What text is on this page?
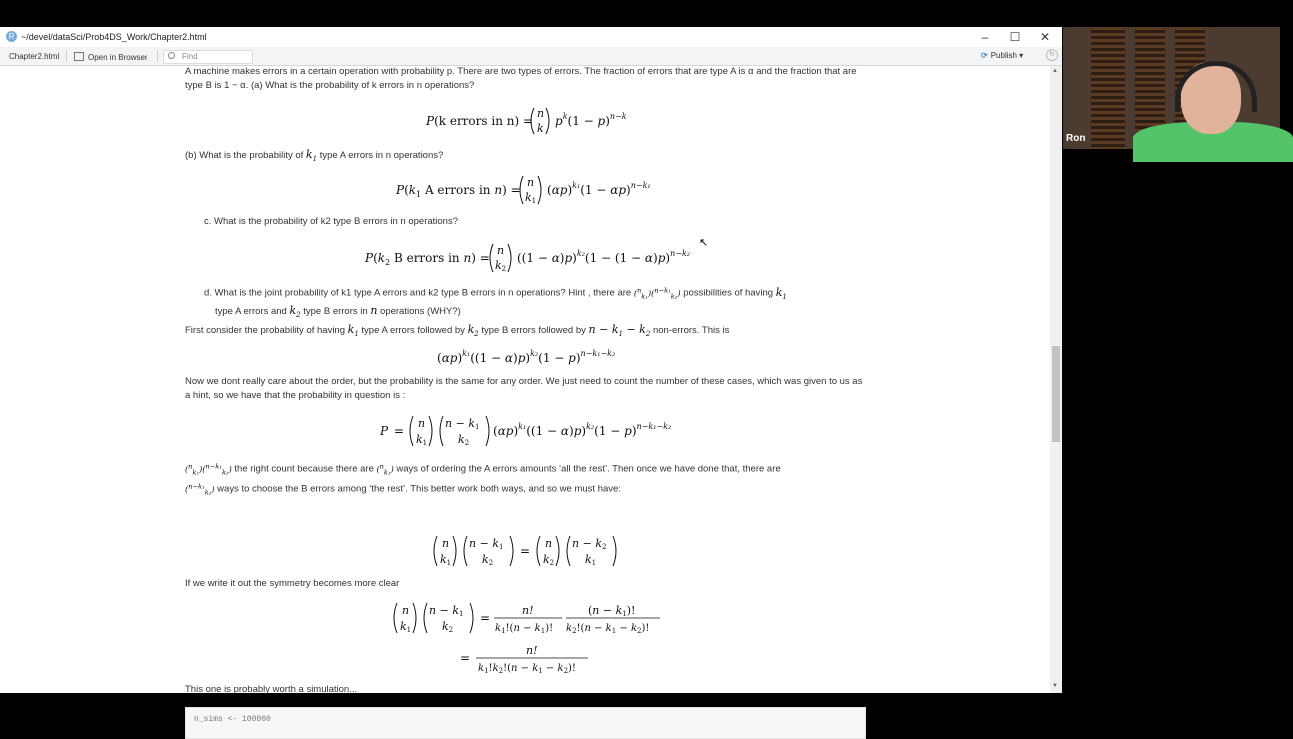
R ~/devel/dataSci/Prob4DS_Work/Chapter2.html	–	☐	✕
Chapter2.html	Open in Browser	Find	⟳ Publish ▾	↻
A machine makes errors in a certain operation with probability p. There are two types of errors. The fraction of errors that are type A is α and the fraction that are type B is 1 − α. (a) What is the probability of k errors in n operations?
P(k errors in n) =
n
k
$p^k(1 - p)^{n-k}$
(b) What is the probability of $k_1$ type A errors in n operations?
$P(k_1$ A errors in n) =
n
k1
$(\alpha p)^{k_1}(1 - \alpha p)^{n-k_1}$
c. What is the probability of k2 type B errors in n operations?
$P(k_2$ B errors in n) =
n
k2
$((1 - \alpha)p)^{k_2}(1 - (1 - \alpha)p)^{n-k_2}$
d. What is the joint probability of k1 type A errors and k2 type B errors in n operations? Hint , there are ($^n_{k_1}$)($^{n-k_1}_{k_2}$) possibilities of having $k_1$
type A errors and $k_2$ type B errors in n operations (WHY?)
First consider the probability of having $k_1$ type A errors followed by $k_2$ type B errors followed by $n - k_1 - k_2$ non-errors. This is
$(\alpha p)^{k_1}((1 - \alpha)p)^{k_2}(1 - p)^{n-k_1-k_2}$
Now we dont really care about the order, but the probability is the same for any order. We just need to count the number of these cases, which was given to us as a hint, so we have that the probability in question is :
P =
n
k1
n − k1
k2
$(\alpha p)^{k_1}((1 - \alpha)p)^{k_2}(1 - p)^{n-k_1-k_2}$
($^n_{k_1}$)($^{n-k_1}_{k_2}$) the right count because there are ($^n_{k_1}$) ways of ordering the A errors amounts ‘all the rest’. Then once we have done that, there are
($^{n-k_1}_{k_2}$) ways to choose the B errors among ‘the rest’. This better work both ways, and so we must have:
n
k1
n − k1
k2
=
n
k2
n − k2
k1
If we write it out the symmetry becomes more clear
n
k1
n − k1
k2
=
n!
$k_1!(n - k_1)$!
(n − k1)!
$k_2!(n - k_1 - k_2)$!
=
n!
$k_1!k_2!(n - k_1 - k_2)$!
This one is probably worth a simulation...
n_sims <- 100000
▲
▼
↖
Ron
